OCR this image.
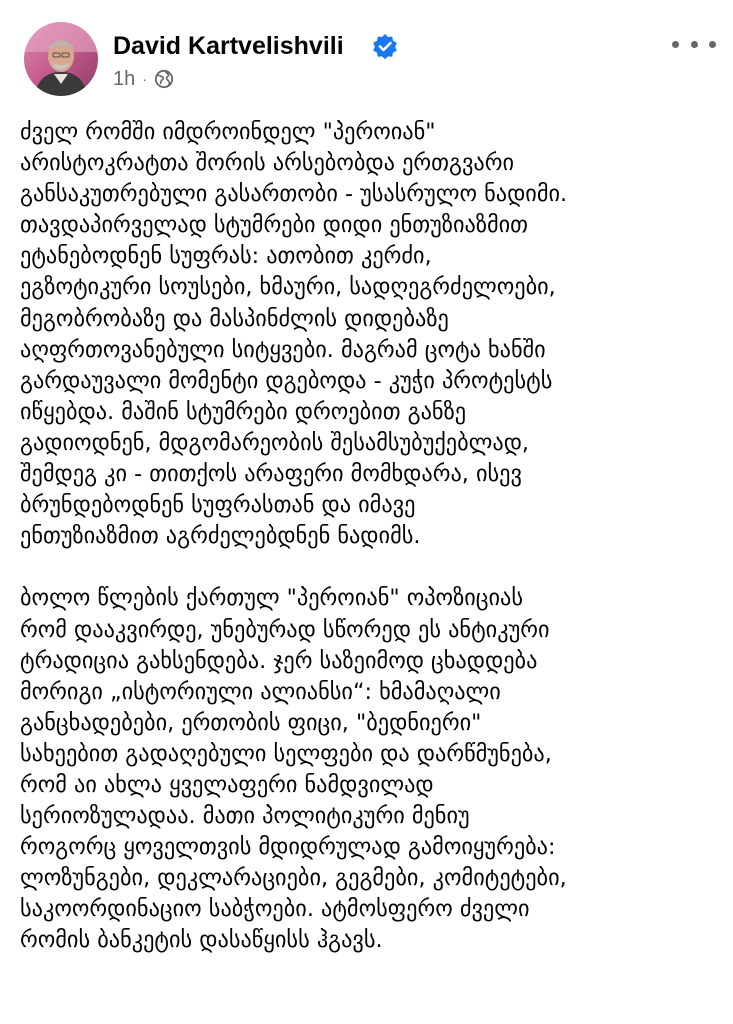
David Kartvelishvili
1h ·
ძველ რომში იმდროინდელ "პეროიან"
არისტოკრატთა შორის არსებობდა ერთგვარი
განსაკუთრებული გასართობი - უსასრულო ნადიმი.
თავდაპირველად სტუმრები დიდი ენთუზიაზმით
ეტანებოდნენ სუფრას: ათობით კერძი,
ეგზოტიკური სოუსები, ხმაური, სადღეგრძელოები,
მეგობრობაზე და მასპინძლის დიდებაზე
აღფრთოვანებული სიტყვები. მაგრამ ცოტა ხანში
გარდაუვალი მომენტი დგებოდა - კუჭი პროტესტს
იწყებდა. მაშინ სტუმრები დროებით განზე
გადიოდნენ, მდგომარეობის შესამსუბუქებლად,
შემდეგ კი - თითქოს არაფერი მომხდარა, ისევ
ბრუნდებოდნენ სუფრასთან და იმავე
ენთუზიაზმით აგრძელებდნენ ნადიმს.
ბოლო წლების ქართულ "პეროიან" ოპოზიციას
რომ დააკვირდე, უნებურად სწორედ ეს ანტიკური
ტრადიცია გახსენდება. ჯერ საზეიმოდ ცხადდება
მორიგი „ისტორიული ალიანსი“: ხმამაღალი
განცხადებები, ერთობის ფიცი, "ბედნიერი"
სახეებით გადაღებული სელფები და დარწმუნება,
რომ აი ახლა ყველაფერი ნამდვილად
სერიოზულადაა. მათი პოლიტიკური მენიუ
როგორც ყოველთვის მდიდრულად გამოიყურება:
ლოზუნგები, დეკლარაციები, გეგმები, კომიტეტები,
საკოორდინაციო საბჭოები. ატმოსფერო ძველი
რომის ბანკეტის დასაწყისს ჰგავს.
